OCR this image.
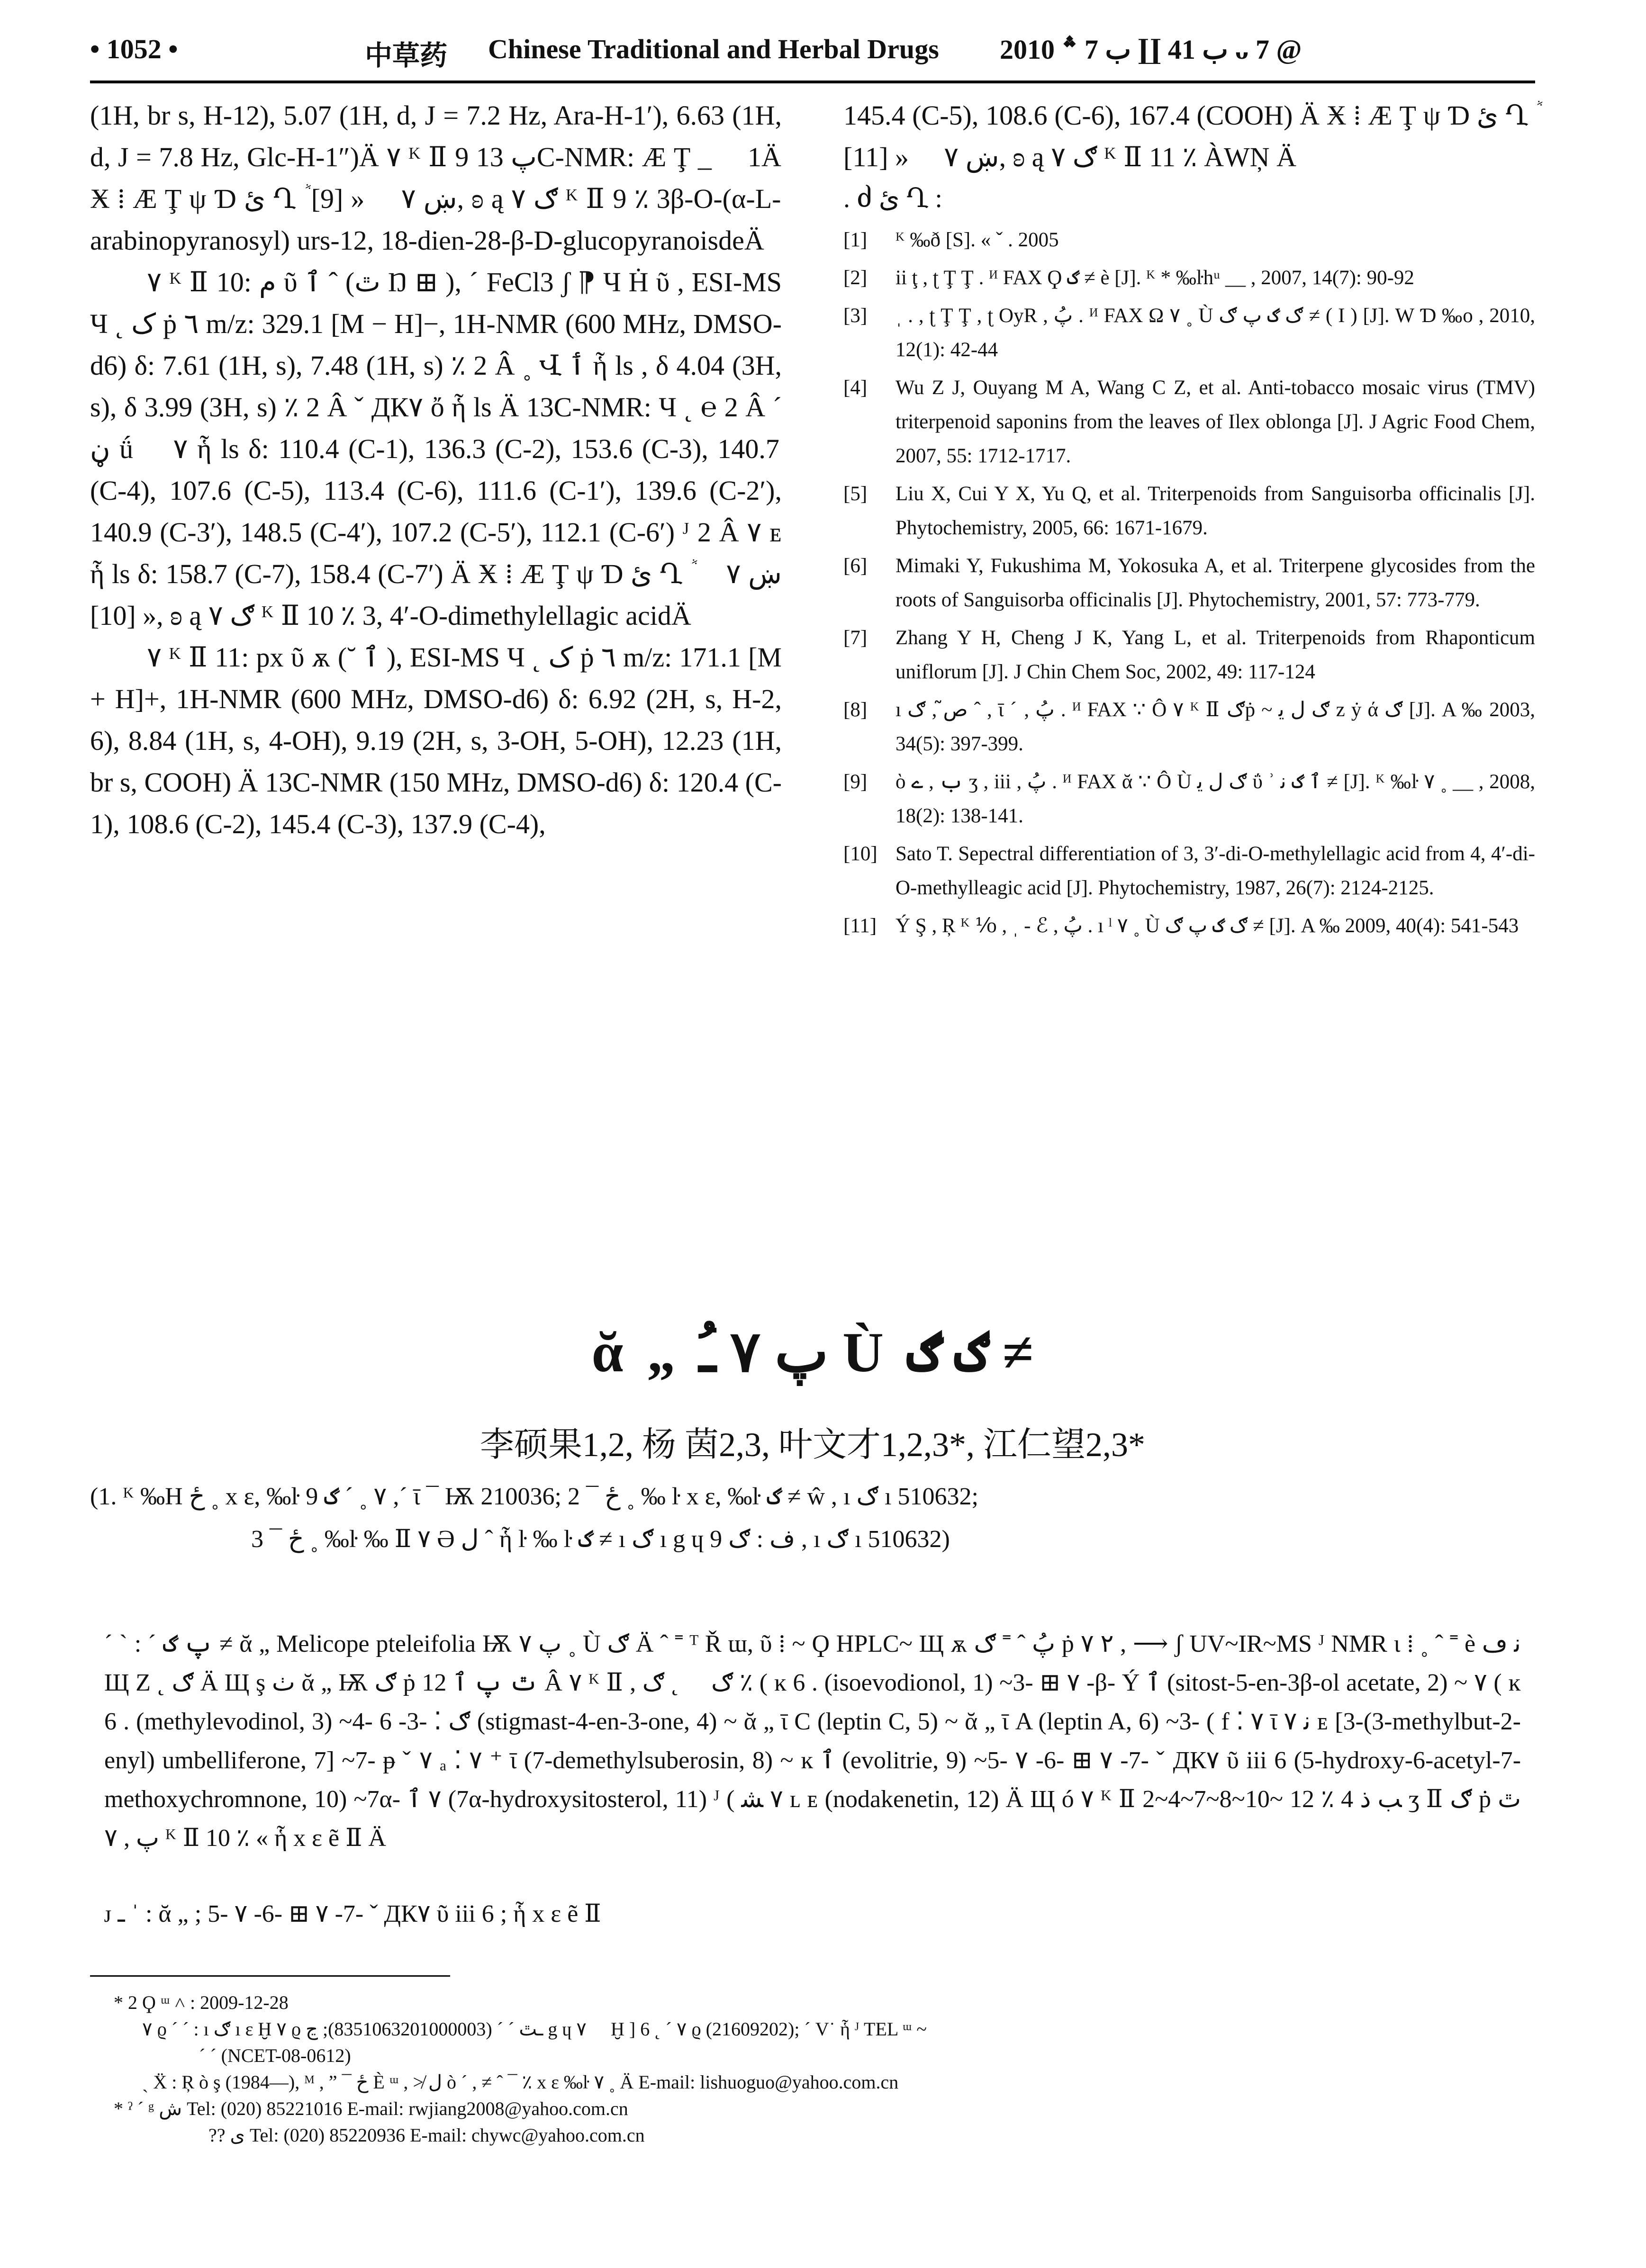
• 1052 •	中草药 Chinese Traditional and Herbal Drugs ب 41 ∐ ب 7 ؞ 2010 ᴗ 7 @

(1H, br s, H-12), 5.07 (1H, d, J = 7.2 Hz, Ara-H-1′), 6.63 (1H, d, J = 7.8 Hz, Glc-H-1″)Ä ٧ ᴷ Ⅱ 9 پ 13C-NMR: Æ Ţ _ ⃞ 1Ä Ӿ ⁞ Æ Ţ ψ Ɗ ئ Ղ ٞ ښ ٧ ⃞ « [9], ʚ ą ګ ٧ ᴷ Ⅱ 9 ٪ 3β-O-(α-L-arabinopyranosyl) urs-12, 18-dien-28-β-D-glucopyranoisdeÄ

٧ ᴷ Ⅱ 10: ﻡ ῦ ٱ ˆ (ٿ Ŋ ⊞ ), ˊ FeCl3 ʃ ⁋ Ч Ḣ ῦ , ESI-MS Ч ˛ ک ṗ ٦ m/z: 329.1 [M − H]−, 1H-NMR (600 MHz, DMSO-d6) δ: 7.61 (1H, s), 7.48 (1H, s) ٪ 2 Â ˳ Վ ٲ ἧ ls , δ 4.04 (3H, s), δ 3.99 (3H, s) ٪ 2 Â ˇ ДК٧ ὄ ἧ ls Ä 13C-NMR: Ч ˛ ℮ 2 Â ˊ ڼ ǘ ⃞ ٧ ἧ ls δ: 110.4 (C-1), 136.3 (C-2), 153.6 (C-3), 140.7 (C-4), 107.6 (C-5), 113.4 (C-6), 111.6 (C-1′), 139.6 (C-2′), 140.9 (C-3′), 148.5 (C-4′), 107.2 (C-5′), 112.1 (C-6′) ᴶ 2 Â ٧ ᴇ ἧ ls δ: 158.7 (C-7), 158.4 (C-7′) Ä Ӿ ⁞ Æ Ţ ψ Ɗ ئ Ղ ٞ ښ ٧ ⃞ « [10], ʚ ą ګ ٧ ᴷ Ⅱ 10 ٪ 3, 4′-O-dimethylellagic acidÄ

٧ ᴷ Ⅱ 11: px ῦ ѫ (˘ ٱ ), ESI-MS Ч ˛ ک ṗ ٦ m/z: 171.1 [M + H]+, 1H-NMR (600 MHz, DMSO-d6) δ: 6.92 (2H, s, H-2, 6), 8.84 (1H, s, 4-OH), 9.19 (2H, s, 3-OH, 5-OH), 12.23 (1H, br s, COOH) Ä 13C-NMR (150 MHz, DMSO-d6) δ: 120.4 (C-1), 108.6 (C-2), 145.4 (C-3), 137.9 (C-4),

145.4 (C-5), 108.6 (C-6), 167.4 (COOH) Ä Ӿ ⁞ Æ Ţ ψ Ɗ ئ Ղ ٞ ښ ٧ ⃞ « [11], ʚ ą ګ ٧ ᴷ Ⅱ 11 ٪ ÀWŅ Ä

. ძ ئ Ղ :
[1]	ᴷ ‰ð [S]. « ˇ . 2005
[2]	ii ţ , ʈ Ţ Ţ . ᴻ FAX Ϙ ࢰ ≠ è [J]. ᴷ * ‰ŀhᵘ __ , 2007, 14(7): 90-92
[3]	ˌ . , ʈ Ţ Ţ , ʈ OyR , پُ . ᴻ FAX Ω ٧ ˳ Ù ګ ࢰ پ ګ ≠ ( I ) [J]. W Ɗ ‰o , 2010, 12(1): 42-44
[4]	Wu Z J, Ouyang M A, Wang C Z, et al. Anti-tobacco mosaic virus (TMV) triterpenoid saponins from the leaves of Ilex oblonga [J]. J Agric Food Chem, 2007, 55: 1712-1717.
[5]	Liu X, Cui Y X, Yu Q, et al. Triterpenoids from Sanguisorba officinalis [J]. Phytochemistry, 2005, 66: 1671-1679.
[6]	Mimaki Y, Fukushima M, Yokosuka A, et al. Triterpene glycosides from the roots of Sanguisorba officinalis [J]. Phytochemistry, 2001, 57: 773-779.
[7]	Zhang Y H, Cheng J K, Yang L, et al. Triterpenoids from Rhaponticum uniflorum [J]. J Chin Chem Soc, 2002, 49: 117-124
[8]	ı ص̃ , ګ ˆ , ῑ ˊ , پُ . ᴻ FAX ∵ Ô ٧ ᴷ Ⅱ ګṗ ~ ګ ﻝ ﯾ z ẏ ά ګ [J]. A ‰ 2003, 34(5): 397-399.
[9]	ὸ ب , ے ʒ , iii , پُ . ᴻ FAX ᾰ ∵ Ô Ù ګ ﻝ ﯾ ΰ ʾ ٱ ࢰ ﻧ ≠ [J]. ᴷ ‰ŀ ٧ ˳ __ , 2008, 18(2): 138-141.
[10] Sato T. Sepectral differentiation of 3, 3′-di-O-methylellagic acid from 4, 4′-di-O-methylleagic acid [J]. Phytochemistry, 1987, 26(7): 2124-2125.
[11] Ý Ş , Ŗ ᴷ ⅟o , ˌ - ℰ , پُ . ı ˡ ٧ ˳ Ù ګ ࢰ پ ګ ≠ [J]. A ‰ 2009, 40(4): 541-543
ᾰ „ پ ٧ ﹹ Ù ګ ࢰ ≠
李硕果1,2, 杨 茵2,3, 叶文才1,2,3*, 江仁望2,3*
(1. ᴷ ‰H ځ ˳ x ε, ‰ŀ ٧ ˳ ˊ ࢰ 9 ,ˊ ῑ ¯ Ѭ 210036; 2 ¯ ځ ˳ ‰ ŀ x ε, ‰ŀ ࢰ ≠ ŵ , ı ګ ı 510632;
3 ¯ ځ ˳ ‰ŀ ‰ Ⅱ ٧ Ә ﻝ ˆ ἧ ŀ ‰ ŀ ࢰ ≠ ı ګ ı g ɥ ﻑ : ګ 9 , ı ګ ı 510632)
ˊ ˋ : ˊ پ ࢰ ≠ ᾰ „ Melicope pteleifolia Ѭ پ ٧ ˳ Ù ګ Ä ˆ ˭ ᵀ Ř ɯ, ῦ ⁞ ~ Ϙ HPLC~ Щ ѫ پُ ˆ ˭ ګ ṗ ٢ ٧ , ⟶ ʃ UV~IR~MS ᴶ NMR ι ⁞ ˳ ˆ ˭ è ﻧ ڡ Щ Ζ ˛ ګ Ä Щ ş ٺ ᾰ „ Ѭ ګ ṗ ٿ پ ٱ 12 Â ٧ ᴷ Ⅱ , ګ ⃞ ˛ ګ ٪ ( ĸ 6 . (isoevodionol, 1) ~3- ⊞ ٧ -β- Ý ٱ (sitost-5-en-3β-ol acetate, 2) ~ ٧ ( ĸ 6 . (methylevodinol, 3) ~4- ګ ⁚ -3- 6 (stigmast-4-en-3-one, 4) ~ ᾰ „ ῑ C (leptin C, 5) ~ ᾰ „ ῑ A (leptin A, 6) ~3- ( f ⁚ ٧ ῑ ﻧ ٧ ᴇ [3-(3-methylbut-2-enyl) umbelliferone, 7] ~7- ᵽ ˇ ٧ ₐ ⁚ ٧ ⁺ ῑ (7-demethylsuberosin, 8) ~ ĸ ٱ (evolitrie, 9) ~5- ٧ -6- ⊞ ٧ -7- ˇ ДК٧ ῦ iii 6 (5-hydroxy-6-acetyl-7-methoxychromnone, 10) ~7α- ٧ ٱ (7α-hydroxysitosterol, 11) ᴶ ( ٧ ﺸ ʟ ᴇ (nodakenetin, 12) Ä Щ ó ٧ ᴷ Ⅱ 2~4~7~8~10~ 12 ٪ 4 ﺐ ﺫ ʒ Ⅱ ګ ṗ ٿ پ , ٧ ᴷ Ⅱ 10 ٪ « ἧ x ε ẽ Ⅱ Ä
ᴊ ـ ˈ : ᾰ „ ; 5- ٧ -6- ⊞ ٧ -7- ˇ ДК٧ ῦ iii 6 ; ἧ x ε ẽ Ⅱ
* 2 Ϙ ᵚ ˄ : 2009-12-28
٧ ϱ ˊ ˊ : ı ګ ı ε Ḫ ٧ ϱ ـٿ ˊ ˊ (8351063201000003); ڃ g ɥ ٧ ⃞ Ḫ ] 6 ˛ ˊ ٧ ϱ (21609202); ˊ V˙ ἧ ᴶ TEL ᵚ ~
ˊ ˊ (NCET-08-0612)
ˏ Ẍ : Ŗ ò ş (1984—), ᴹ , ˮ ¯ ځ È ᵚ , ≯ ﻝ ò ˊ , ≠ ˆ ¯ ٪ x ε ‰ŀ ٧ ˳ Ä E-mail: lishuoguo@yahoo.com.cn
* ˀ ˊ ᵍ ﺵ Tel: (020) 85221016 E-mail: rwjiang2008@yahoo.com.cn
?? ى Tel: (020) 85220936 E-mail: chywc@yahoo.com.cn
